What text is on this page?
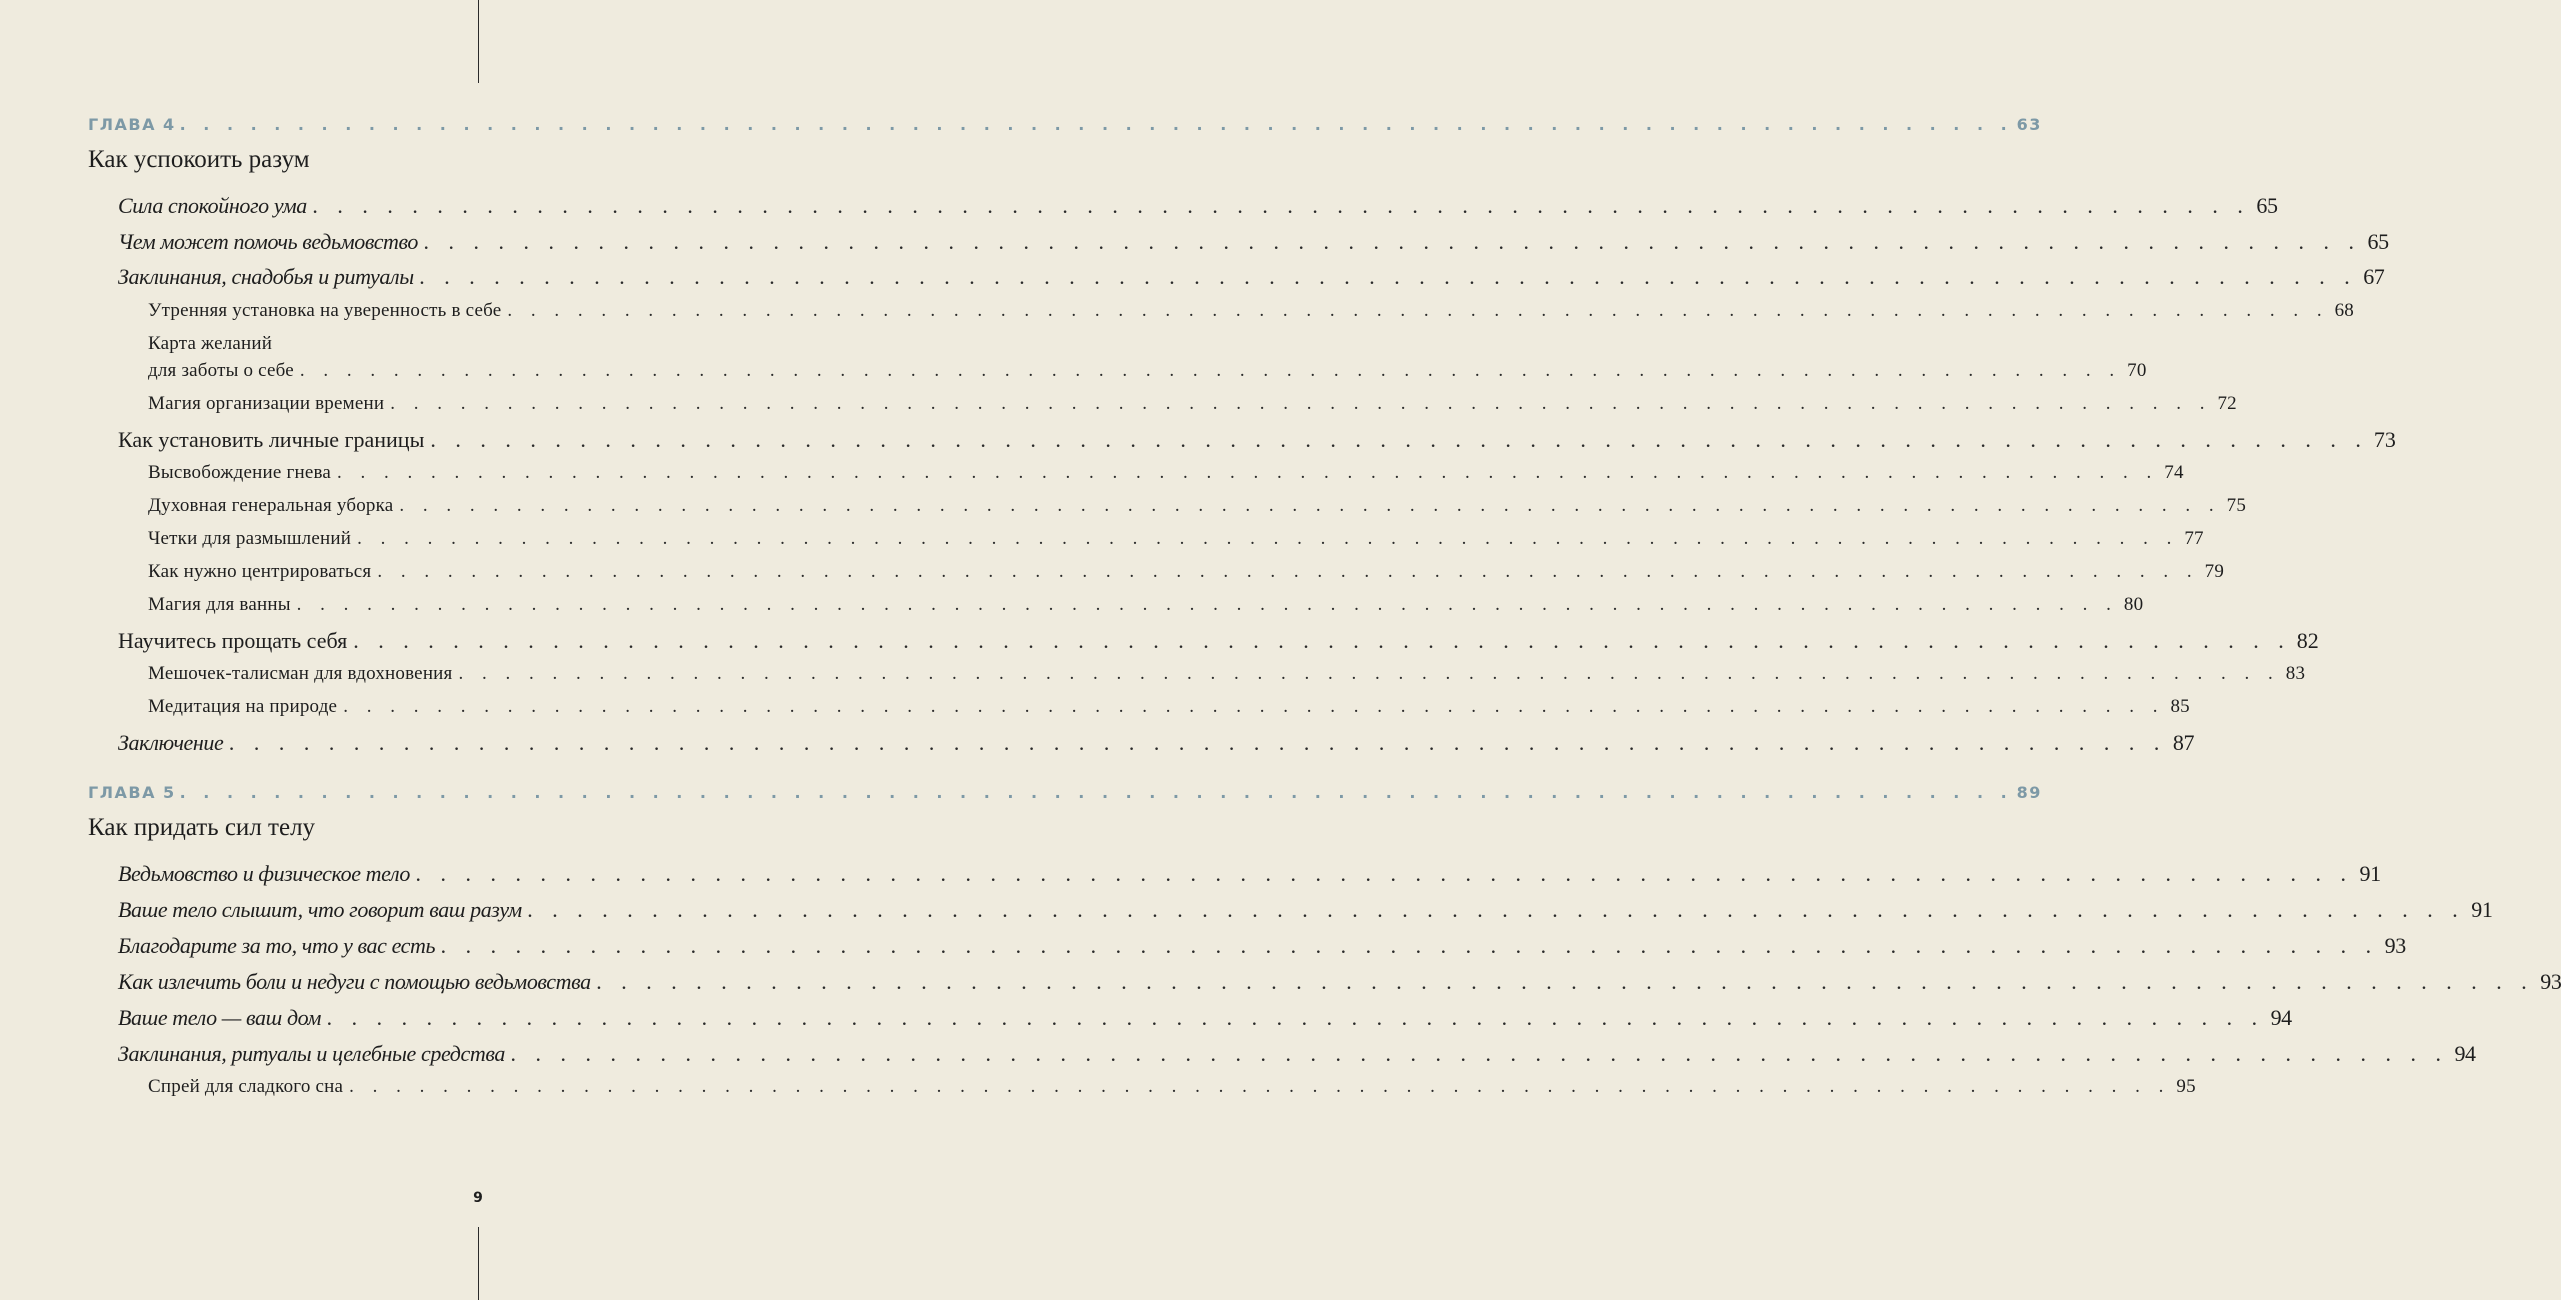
ГЛАВА 4 . . . . . . . . . . . . . . . . . . . . . . . . . . . . . . . . . . . . . . . . . . . . . . . . . . . . . . . . . . . . . . . . . . . . . . . . . . . . . . 63
Как успокоить разум
Сила спокойного ума . . . . . . . . . . . . . . . . . . . . . . . . . . . . . . . . . . . . . . . . . . . . . . . . . . . . . . . . . . . . . . . . . . . . . . . . . . . . . . 65
Чем может помочь ведьмовство . . . . . . . . . . . . . . . . . . . . . . . . . . . . . . . . . . . . . . . . . . . . . . . . . . . . . . . . . . . . . . . . . . . . . . . . . . . . . . 65
Заклинания, снадобья и ритуалы . . . . . . . . . . . . . . . . . . . . . . . . . . . . . . . . . . . . . . . . . . . . . . . . . . . . . . . . . . . . . . . . . . . . . . . . . . . . . . 67
Утренняя установка на уверенность в себе . . . . . . . . . . . . . . . . . . . . . . . . . . . . . . . . . . . . . . . . . . . . . . . . . . . . . . . . . . . . . . . . . . . . . . . . . . . . . . 68
Карта желаний
для заботы о себе . . . . . . . . . . . . . . . . . . . . . . . . . . . . . . . . . . . . . . . . . . . . . . . . . . . . . . . . . . . . . . . . . . . . . . . . . . . . . . 70
Магия организации времени . . . . . . . . . . . . . . . . . . . . . . . . . . . . . . . . . . . . . . . . . . . . . . . . . . . . . . . . . . . . . . . . . . . . . . . . . . . . . . 72
Как установить личные границы . . . . . . . . . . . . . . . . . . . . . . . . . . . . . . . . . . . . . . . . . . . . . . . . . . . . . . . . . . . . . . . . . . . . . . . . . . . . . . 73
Высвобождение гнева . . . . . . . . . . . . . . . . . . . . . . . . . . . . . . . . . . . . . . . . . . . . . . . . . . . . . . . . . . . . . . . . . . . . . . . . . . . . . . 74
Духовная генеральная уборка . . . . . . . . . . . . . . . . . . . . . . . . . . . . . . . . . . . . . . . . . . . . . . . . . . . . . . . . . . . . . . . . . . . . . . . . . . . . . . 75
Четки для размышлений . . . . . . . . . . . . . . . . . . . . . . . . . . . . . . . . . . . . . . . . . . . . . . . . . . . . . . . . . . . . . . . . . . . . . . . . . . . . . . 77
Как нужно центрироваться . . . . . . . . . . . . . . . . . . . . . . . . . . . . . . . . . . . . . . . . . . . . . . . . . . . . . . . . . . . . . . . . . . . . . . . . . . . . . . 79
Магия для ванны . . . . . . . . . . . . . . . . . . . . . . . . . . . . . . . . . . . . . . . . . . . . . . . . . . . . . . . . . . . . . . . . . . . . . . . . . . . . . . 80
Научитесь прощать себя . . . . . . . . . . . . . . . . . . . . . . . . . . . . . . . . . . . . . . . . . . . . . . . . . . . . . . . . . . . . . . . . . . . . . . . . . . . . . . 82
Мешочек-талисман для вдохновения . . . . . . . . . . . . . . . . . . . . . . . . . . . . . . . . . . . . . . . . . . . . . . . . . . . . . . . . . . . . . . . . . . . . . . . . . . . . . . 83
Медитация на природе . . . . . . . . . . . . . . . . . . . . . . . . . . . . . . . . . . . . . . . . . . . . . . . . . . . . . . . . . . . . . . . . . . . . . . . . . . . . . . 85
Заключение . . . . . . . . . . . . . . . . . . . . . . . . . . . . . . . . . . . . . . . . . . . . . . . . . . . . . . . . . . . . . . . . . . . . . . . . . . . . . . 87
ГЛАВА 5 . . . . . . . . . . . . . . . . . . . . . . . . . . . . . . . . . . . . . . . . . . . . . . . . . . . . . . . . . . . . . . . . . . . . . . . . . . . . . . 89
Как придать сил телу
Ведьмовство и физическое тело . . . . . . . . . . . . . . . . . . . . . . . . . . . . . . . . . . . . . . . . . . . . . . . . . . . . . . . . . . . . . . . . . . . . . . . . . . . . . . 91
Ваше тело слышит, что говорит ваш разум . . . . . . . . . . . . . . . . . . . . . . . . . . . . . . . . . . . . . . . . . . . . . . . . . . . . . . . . . . . . . . . . . . . . . . . . . . . . . . 91
Благодарите за то, что у вас есть . . . . . . . . . . . . . . . . . . . . . . . . . . . . . . . . . . . . . . . . . . . . . . . . . . . . . . . . . . . . . . . . . . . . . . . . . . . . . . 93
Как излечить боли и недуги с помощью ведьмовства . . . . . . . . . . . . . . . . . . . . . . . . . . . . . . . . . . . . . . . . . . . . . . . . . . . . . . . . . . . . . . . . . . . . . . . . . . . . . . 93
Ваше тело — ваш дом . . . . . . . . . . . . . . . . . . . . . . . . . . . . . . . . . . . . . . . . . . . . . . . . . . . . . . . . . . . . . . . . . . . . . . . . . . . . . . 94
Заклинания, ритуалы и целебные средства . . . . . . . . . . . . . . . . . . . . . . . . . . . . . . . . . . . . . . . . . . . . . . . . . . . . . . . . . . . . . . . . . . . . . . . . . . . . . . 94
Спрей для сладкого сна . . . . . . . . . . . . . . . . . . . . . . . . . . . . . . . . . . . . . . . . . . . . . . . . . . . . . . . . . . . . . . . . . . . . . . . . . . . . . . 95
9
